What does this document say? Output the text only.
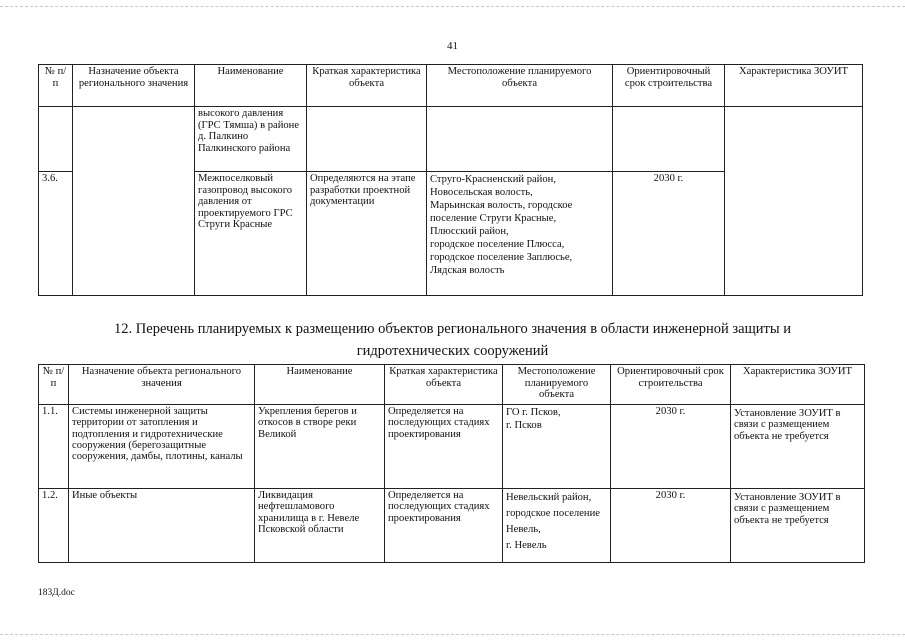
41
№ п/п	Назначение объекта регионального значения	Наименование	Краткая характеристика объекта	Местоположение планируемого объекта	Ориентировочный срок строительства	Характеристика ЗОУИТ
		высокого давления (ГРС Тямша) в районе д. Палкино Палкинского района				
3.6.		Межпоселковый газопровод высокого давления от проектируемого ГРС Струги Красные	Определяются на этапе разработки проектной документации	Струго-Красненский район,
Новосельская волость,
Марьинская волость, городское поселение Струги Красные,
Плюсский район,
городское поселение Плюсса, городское поселение Заплюсье, Лядская волость	2030 г.	
12. Перечень планируемых к размещению объектов регионального значения в области инженерной защиты и
гидротехнических сооружений
№ п/п	Назначение объекта регионального значения	Наименование	Краткая характеристика объекта	Местоположение планируемого объекта	Ориентировочный срок строительства	Характеристика ЗОУИТ
1.1.	Системы инженерной защиты территории от затопления и подтопления и гидротехнические сооружения (берегозащитные сооружения, дамбы, плотины, каналы	Укрепления берегов и откосов в створе реки Великой	Определяется на последующих стадиях проектирования	ГО г. Псков,
г. Псков	2030 г.	Установление ЗОУИТ в связи с размещением объекта не требуется
1.2.	Иные объекты	Ликвидация нефтешламового хранилища в г. Невеле Псковской области	Определяется на последующих стадиях проектирования	Невельский район,
городское поселение Невель,
г. Невель	2030 г.	Установление ЗОУИТ в связи с размещением объекта не требуется
183Д.doc
